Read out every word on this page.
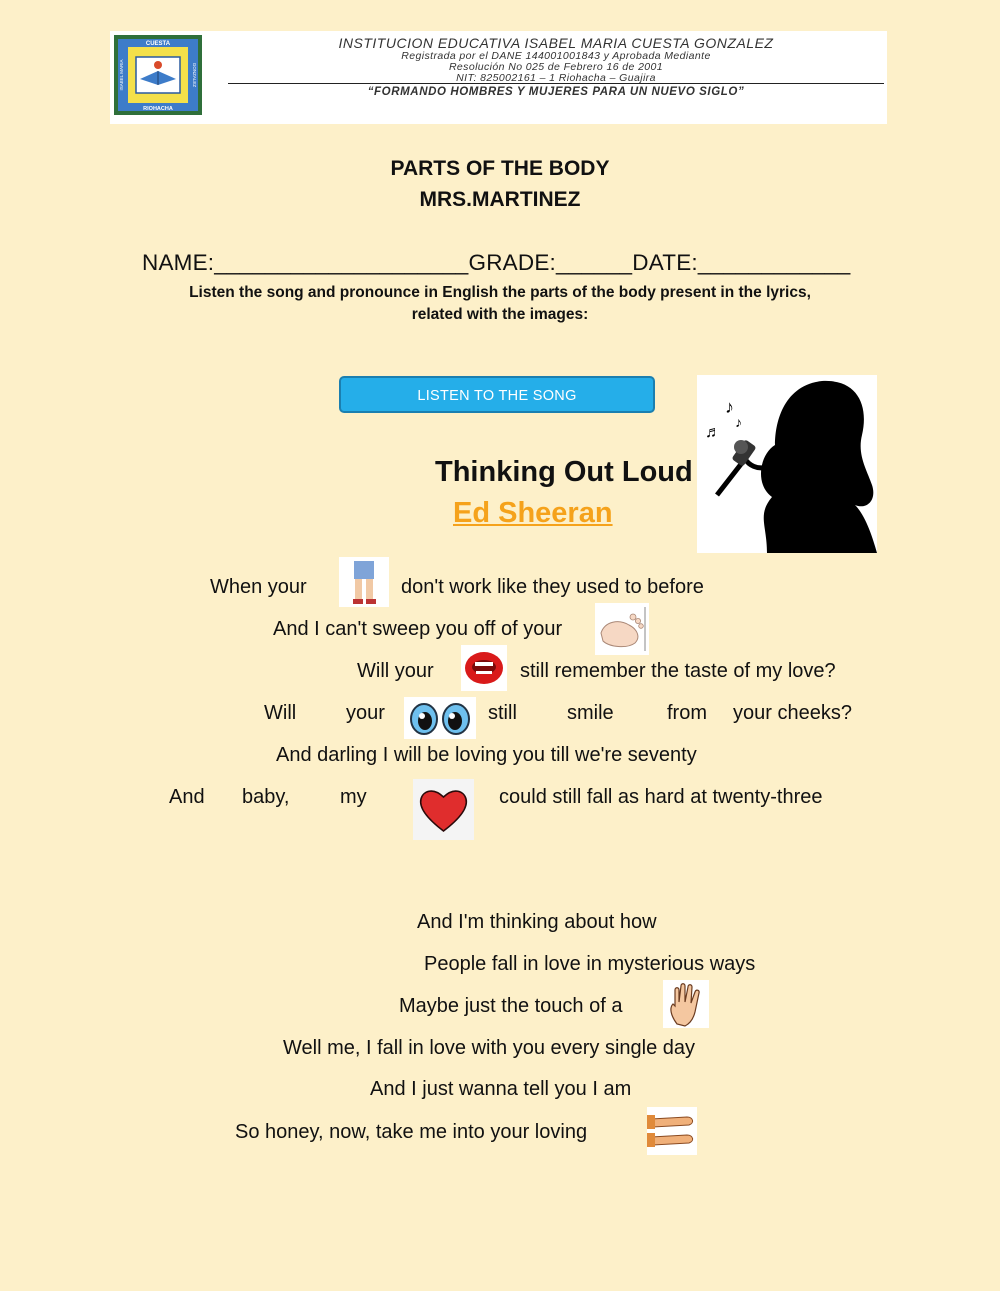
CUESTA
RIOHACHA
ISABEL MARIA	GONZALEZ
INSTITUCION EDUCATIVA ISABEL MARIA CUESTA GONZALEZ
Registrada por el DANE 144001001843 y Aprobada Mediante
Resolución No 025 de Febrero 16 de 2001
NIT: 825002161 – 1 Riohacha – Guajira
“FORMANDO HOMBRES Y MUJERES PARA UN NUEVO SIGLO”
PARTS OF THE BODY
MRS.MARTINEZ
NAME:____________________GRADE:______DATE:____________
Listen the song and pronounce in English the parts of the body present in the lyrics,
related with the images:
LISTEN TO THE SONG
♪
♬
♪
Thinking Out Loud
Ed Sheeran
When your	don't work like they used to before
And I can't sweep you off of your
Will your	still remember the taste of my love?
Will your	still	smile	from your cheeks?
And darling I will be loving you till we're seventy
And baby,	my	could still fall as hard at twenty-three
And I'm thinking about how
People fall in love in mysterious ways
Maybe just the touch of a
Well me, I fall in love with you every single day
And I just wanna tell you I am
So honey, now, take me into your loving
